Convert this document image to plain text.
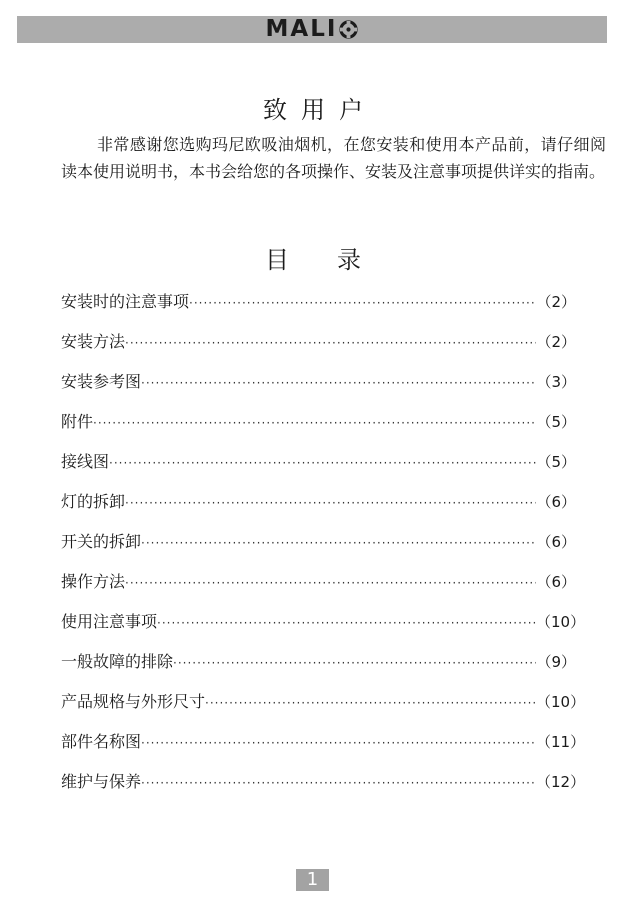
MALI
致用户

非常感谢您选购玛尼欧吸油烟机，在您安装和使用本产品前，请仔细阅读本使用说明书，本书会给您的各项操作、安装及注意事项提供详实的指南。

目录
安装时的注意事项 ·····	（2）
安装方法 ·····	（2）
安装参考图 ·····	（3）
附件 ·····	（5）
接线图 ·····	（5）
灯的拆卸 ·····	（6）
开关的拆卸 ·····	（6）
操作方法 ·····	（6）
使用注意事项 ·····	（10）
一般故障的排除 ·····	（9）
产品规格与外形尺寸 ·····	（10）
部件名称图 ·····	（11）
维护与保养 ·····	（12）
1
